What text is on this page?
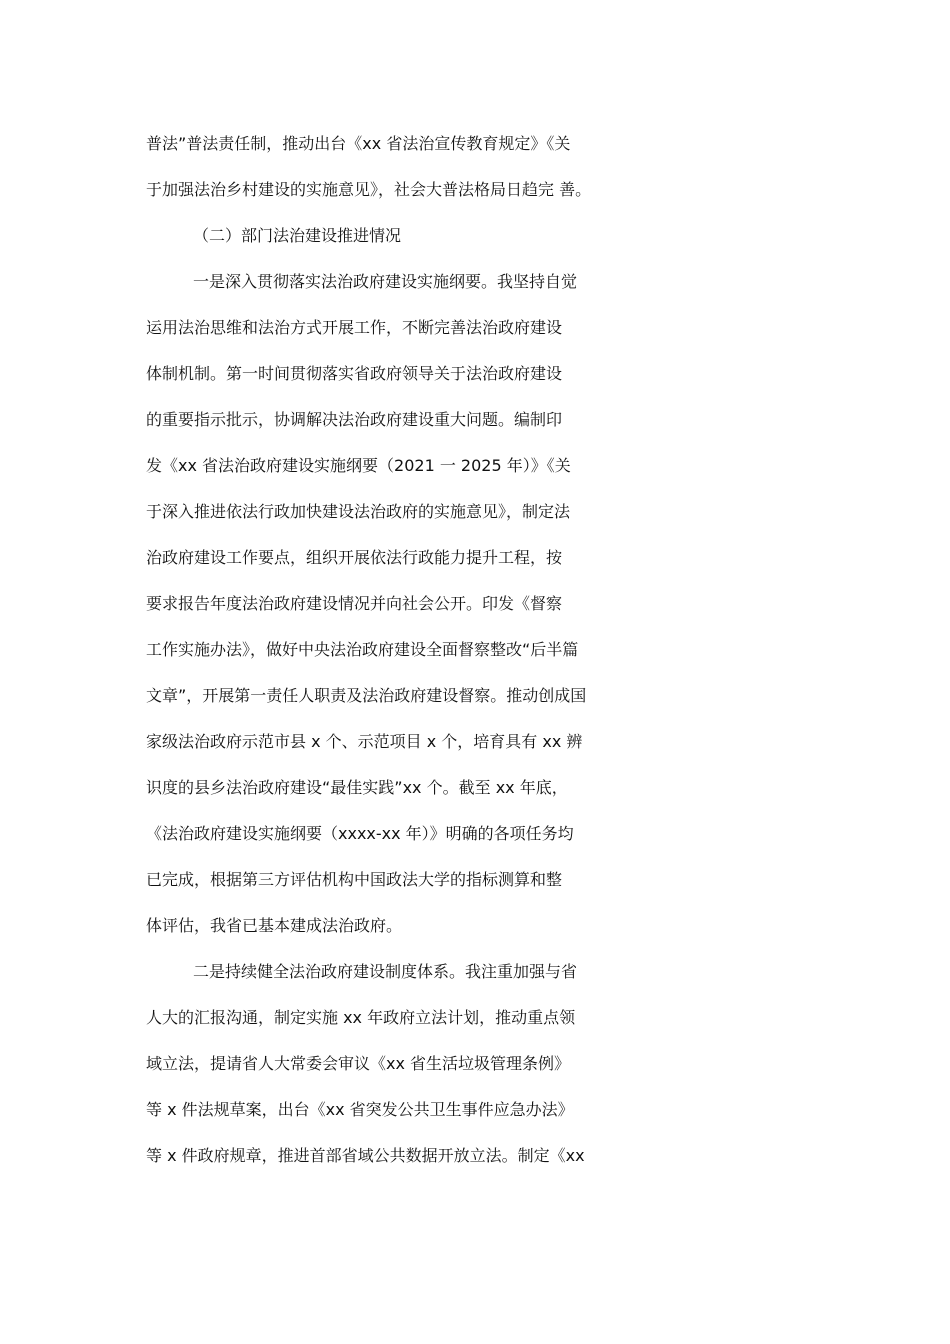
普法”普法责任制，推动出台《xx 省法治宣传教育规定》《关
于加强法治乡村建设的实施意见》，社会大普法格局日趋完 善。
（二）部门法治建设推进情况
一是深入贯彻落实法治政府建设实施纲要。我坚持自觉
运用法治思维和法治方式开展工作，不断完善法治政府建设
体制机制。第一时间贯彻落实省政府领导关于法治政府建设
的重要指示批示，协调解决法治政府建设重大问题。编制印
发《xx 省法治政府建设实施纲要（2021 一 2025 年）》《关
于深入推进依法行政加快建设法治政府的实施意见》，制定法
治政府建设工作要点，组织开展依法行政能力提升工程，按
要求报告年度法治政府建设情况并向社会公开。印发《督察
工作实施办法》，做好中央法治政府建设全面督察整改“后半篇
文章”，开展第一责任人职责及法治政府建设督察。推动创成国
家级法治政府示范市县 x 个、示范项目 x 个，培育具有 xx 辨
识度的县乡法治政府建设“最佳实践”xx 个。截至 xx 年底，
《法治政府建设实施纲要（xxxx-xx 年）》明确的各项任务均
已完成，根据第三方评估机构中国政法大学的指标测算和整
体评估，我省已基本建成法治政府。
二是持续健全法治政府建设制度体系。我注重加强与省
人大的汇报沟通，制定实施 xx 年政府立法计划，推动重点领
域立法，提请省人大常委会审议《xx 省生活垃圾管理条例》
等 x 件法规草案，出台《xx 省突发公共卫生事件应急办法》
等 x 件政府规章，推进首部省域公共数据开放立法。制定《xx
